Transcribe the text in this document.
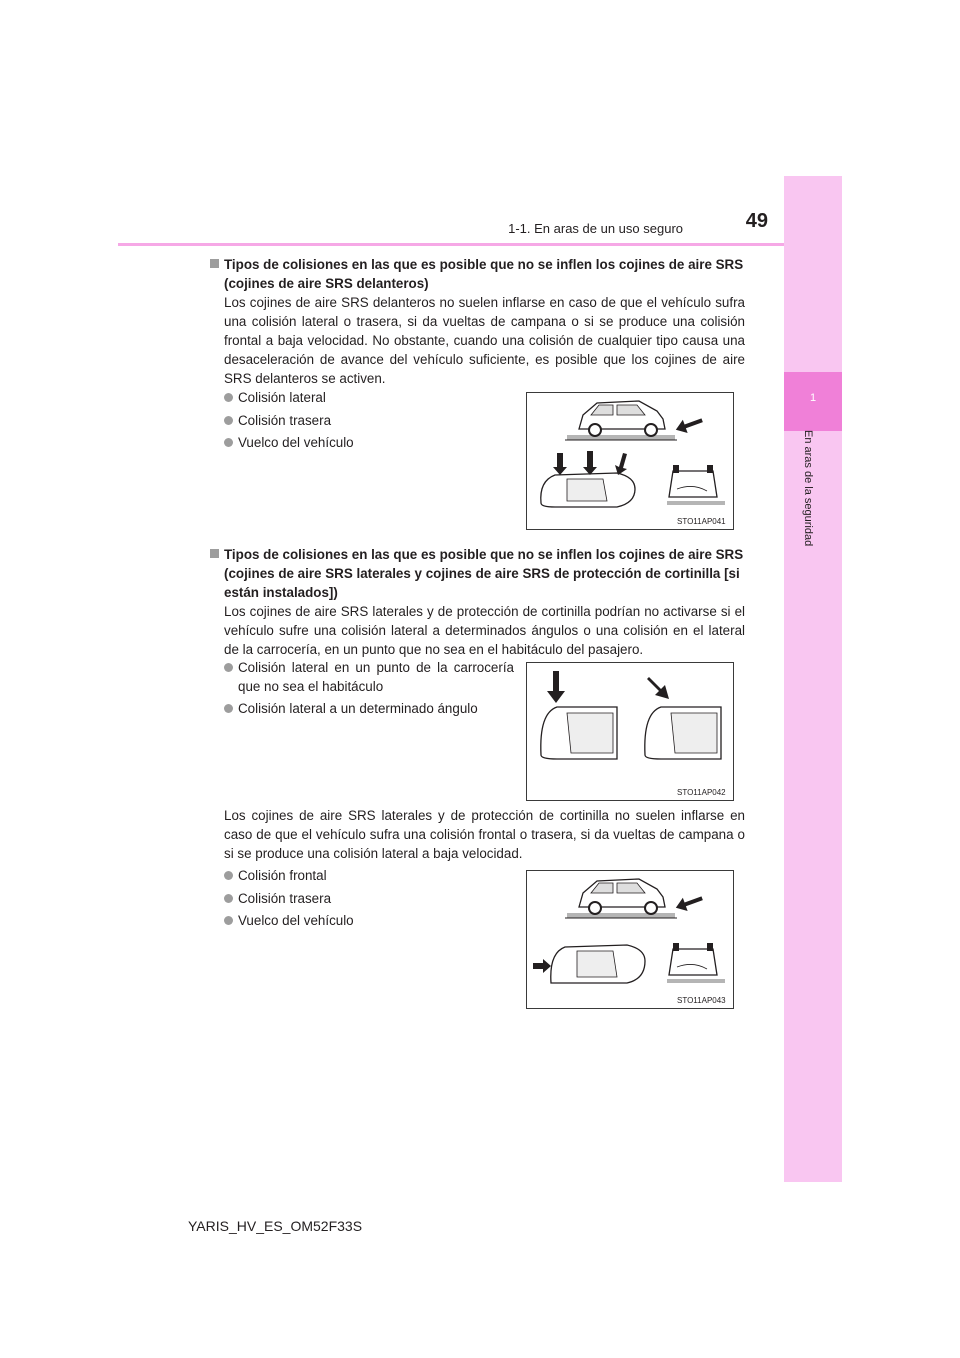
1-1. En aras de un uso seguro	49
1
En aras de la seguridad
Tipos de colisiones en las que es posible que no se inflen los cojines de aire SRS (cojines de aire SRS delanteros)
Los cojines de aire SRS delanteros no suelen inflarse en caso de que el vehículo sufra una colisión lateral o trasera, si da vueltas de campana o si se produce una colisión frontal a baja velocidad. No obstante, cuando una colisión de cualquier tipo causa una desaceleración de avance del vehículo suficiente, es posible que los cojines de aire SRS delanteros se activen.
Colisión lateral
Colisión trasera
Vuelco del vehículo
STO11AP041
Tipos de colisiones en las que es posible que no se inflen los cojines de aire SRS (cojines de aire SRS laterales y cojines de aire SRS de protección de cortinilla [si están instalados])
Los cojines de aire SRS laterales y de protección de cortinilla podrían no activarse si el vehículo sufre una colisión lateral a determinados ángulos o una colisión en el lateral de la carrocería, en un punto que no sea en el habitáculo del pasajero.
Colisión lateral en un punto de la carrocería que no sea el habitáculo
Colisión lateral a un determinado ángulo
STO11AP042
Los cojines de aire SRS laterales y de protección de cortinilla no suelen inflarse en caso de que el vehículo sufra una colisión frontal o trasera, si da vueltas de campana o si se produce una colisión lateral a baja velocidad.
Colisión frontal
Colisión trasera
Vuelco del vehículo
STO11AP043
YARIS_HV_ES_OM52F33S
